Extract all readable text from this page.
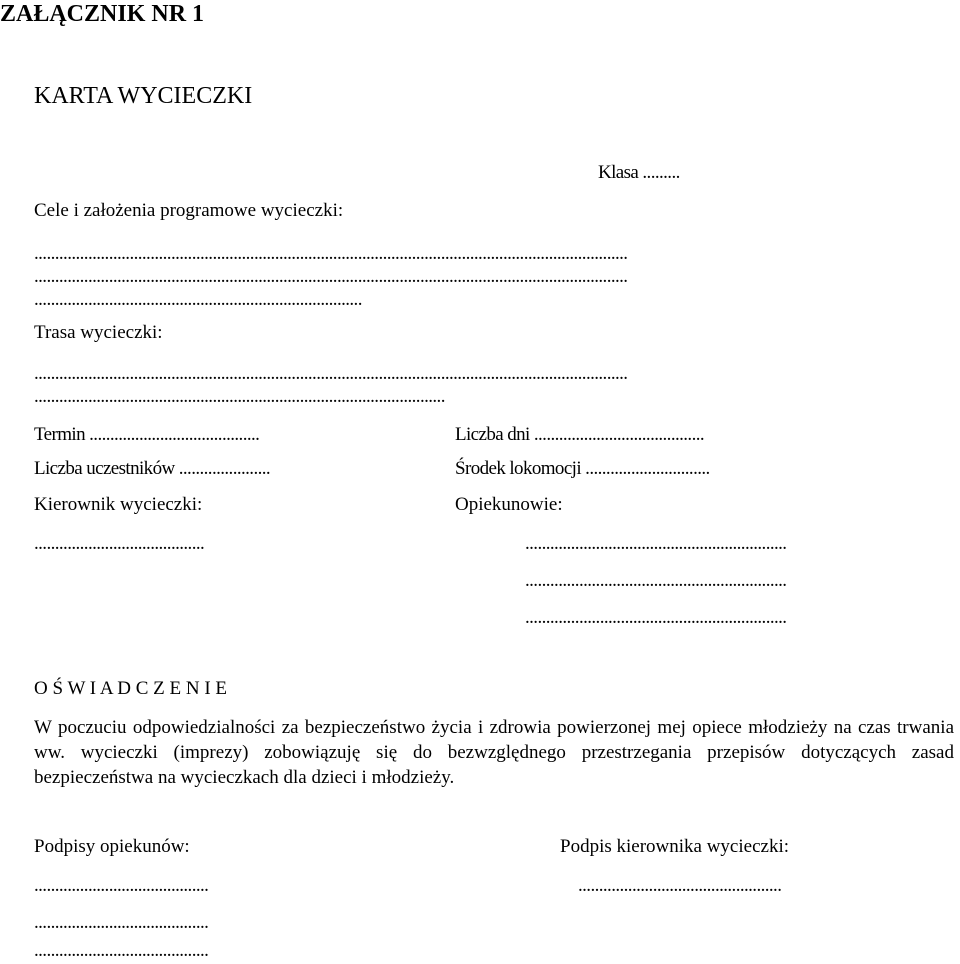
ZAŁĄCZNIK NR 1
KARTA WYCIECZKI
Klasa .........
Cele i założenia programowe wycieczki:
...............................................................................................................................................
...............................................................................................................................................
...............................................................................
Trasa wycieczki:
...............................................................................................................................................
...................................................................................................
Termin .........................................	Liczba dni .........................................
Liczba uczestników ......................	Środek lokomocji ..............................
Kierownik wycieczki:	Opiekunowie:
.........................................	...............................................................
...............................................................
...............................................................
O Ś W I A D C Z E N I E
W poczuciu odpowiedzialności za bezpieczeństwo życia i zdrowia powierzonej mej opiece młodzieży na czas trwania ww. wycieczki (imprezy) zobowiązuję się do bezwzględnego przestrzegania przepisów dotyczących zasad bezpieczeństwa na wycieczkach dla dzieci i młodzieży.
Podpisy opiekunów:	Podpis kierownika wycieczki:
..........................................	.................................................
..........................................
..........................................
